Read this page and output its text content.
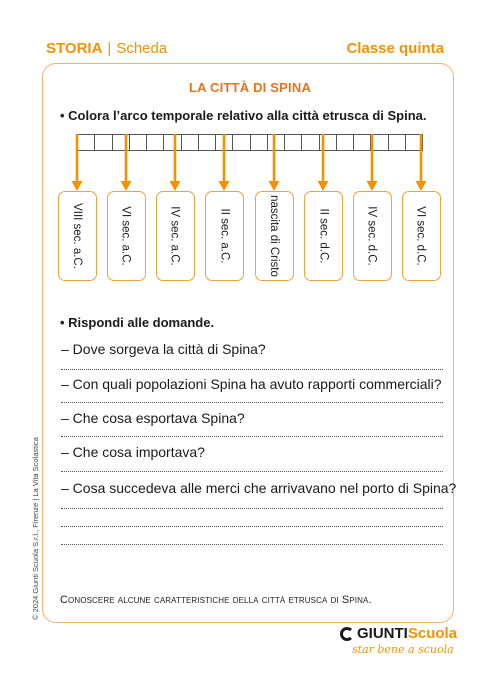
STORIA | Scheda	Classe quinta
LA CITTÀ DI SPINA
• Colora l’arco temporale relativo alla città etrusca di Spina.
VIII sec. a.C.	VI sec. a.C.	IV sec. a.C.	II sec. a.C.	nascita di Cristo	II sec. d.C.	IV sec. d.C.	VI sec. d.C.
• Rispondi alle domande.
– Dove sorgeva la città di Spina?
– Con quali popolazioni Spina ha avuto rapporti commerciali?
– Che cosa esportava Spina?
– Che cosa importava?
– Cosa succedeva alle merci che arrivavano nel porto di Spina?
Conoscere alcune caratteristiche della città etrusca di Spina.
© 2024 Giunti Scuola S.r.l., Firenze | La Vita Scolastica
GIUNTI Scuola
star bene a scuola
